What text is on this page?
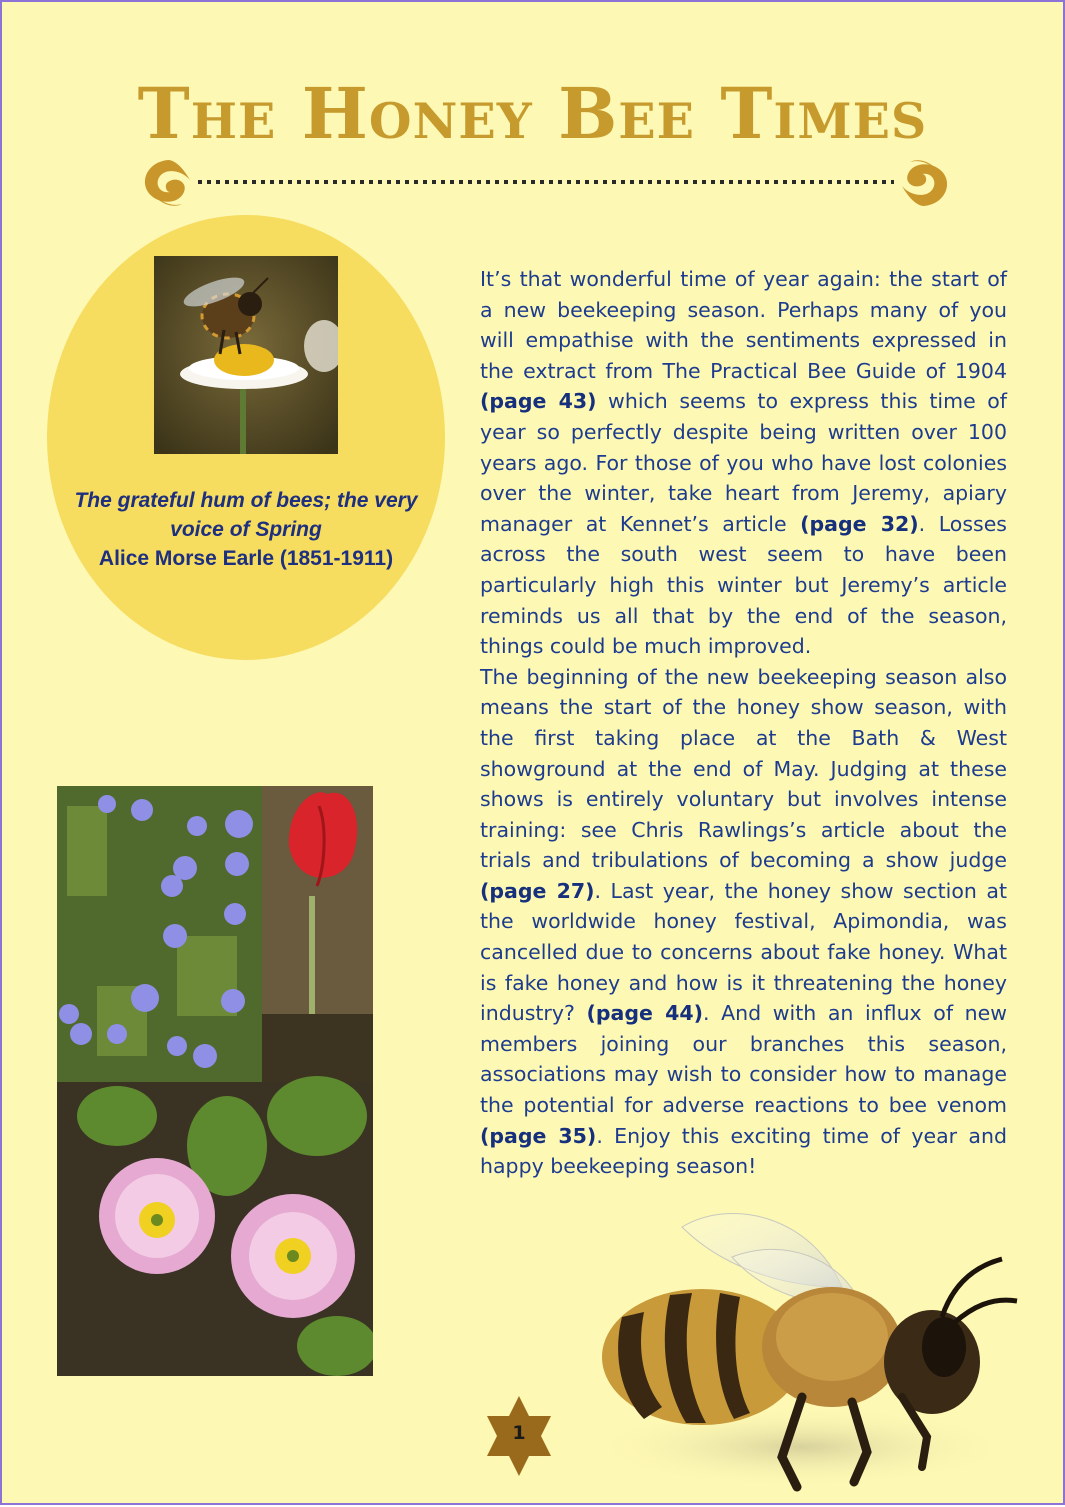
The Honey Bee Times
The grateful hum of bees; the very voice of Spring
Alice Morse Earle (1851-1911)

It’s that wonderful time of year again: the start of a new beekeeping season. Perhaps many of you will empathise with the sentiments expressed in the extract from The Practical Bee Guide of 1904 (page 43) which seems to express this time of year so perfectly despite being written over 100 years ago. For those of you who have lost colonies over the winter, take heart from Jeremy, apiary manager at Kennet’s article (page 32). Losses across the south west seem to have been particularly high this winter but Jeremy’s article reminds us all that by the end of the season, things could be much improved.

The beginning of the new beekeeping season also means the start of the honey show season, with the first taking place at the Bath & West showground at the end of May. Judging at these shows is entirely voluntary but involves intense training: see Chris Rawlings’s article about the trials and tribulations of becoming a show judge (page 27). Last year, the honey show section at the worldwide honey festival, Apimondia, was cancelled due to concerns about fake honey. What is fake honey and how is it threatening the honey industry? (page 44). And with an influx of new members joining our branches this season, associations may wish to consider how to manage the potential for adverse reactions to bee venom (page 35). Enjoy this exciting time of year and happy beekeeping season!

1
